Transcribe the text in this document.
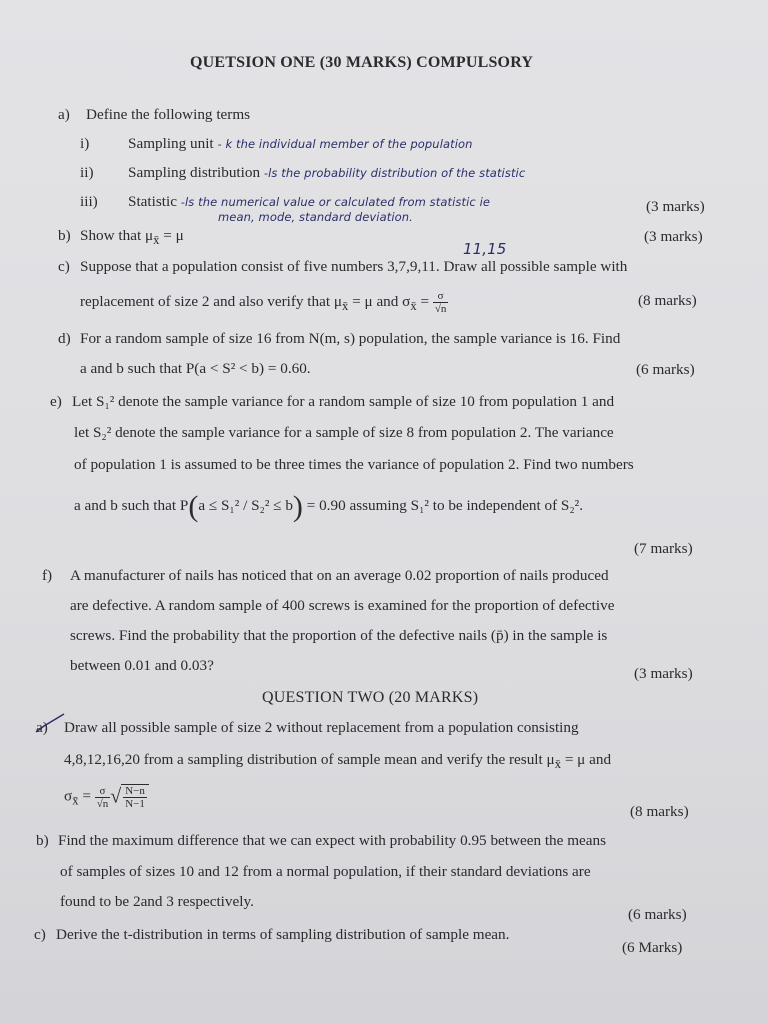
QUETSION ONE (30 MARKS) COMPULSORY
a) Define the following terms
i)	Sampling unit - k the individual member of the population
ii) Sampling distribution -ls the probability distribution of the statistic
iii) Statistic -ls the numerical value or calculated from statistic ie
mean, mode, standard deviation.
(3 marks)
b) Show that $\mu_{x̄} = \mu$	(3 marks)
11,15
c) Suppose that a population consist of five numbers 3,7,9,11. Draw all possible sample with
replacement of size 2 and also verify that $\mu_{x̄} = \mu$ and $\sigma_{x̄} = \frac{\sigma}{√n}$	(8 marks)
d) For a random sample of size 16 from N(m, s) population, the sample variance is 16. Find
a and b such that P(a < S² < b) = 0.60.	(6 marks)
e) Let S₁² denote the sample variance for a random sample of size 10 from population 1 and
let S₂² denote the sample variance for a sample of size 8 from population 2. The variance
of population 1 is assumed to be three times the variance of population 2. Find two numbers
a and b such that P(a ≤ S₁² / S₂² ≤ b) = 0.90 assuming S₁² to be independent of S₂².
(7 marks)
f) A manufacturer of nails has noticed that on an average 0.02 proportion of nails produced
are defective. A random sample of 400 screws is examined for the proportion of defective
screws. Find the probability that the proportion of the defective nails (p̄) in the sample is
between 0.01 and 0.03?	(3 marks)
QUESTION TWO (20 MARKS)
a) Draw all possible sample of size 2 without replacement from a population consisting
4,8,12,16,20 from a sampling distribution of sample mean and verify the result $\mu_{x̄} = \mu$ and
$\sigma_{x̄} = \frac{\sigma}{√n}$ √ $\frac{N-n}{N-1}$
(8 marks)
b) Find the maximum difference that we can expect with probability 0.95 between the means
of samples of sizes 10 and 12 from a normal population, if their standard deviations are
found to be 2and 3 respectively.
(6 marks)
c) Derive the t-distribution in terms of sampling distribution of sample mean.
(6 Marks)
